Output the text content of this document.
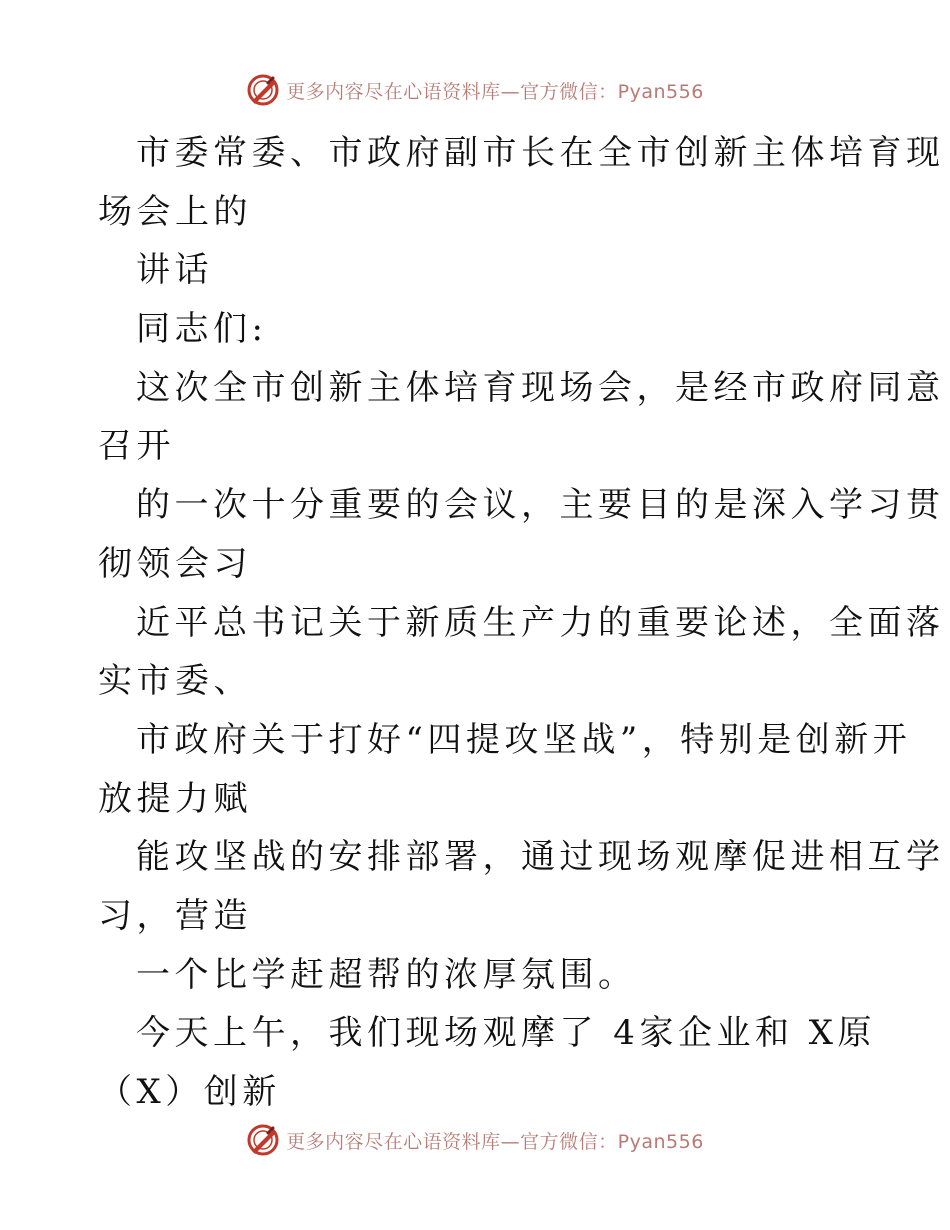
更多内容尽在心语资料库—官方微信：Pyan556
市委常委、市政府副市长在全市创新主体培育现
场会上的
讲话
同志们:
这次全市创新主体培育现场会，是经市政府同意
召开
的一次十分重要的会议，主要目的是深入学习贯
彻领会习
近平总书记关于新质生产力的重要论述，全面落
实市委、
市政府关于打好“四提攻坚战”，特别是创新开
放提力赋
能攻坚战的安排部署，通过现场观摩促进相互学
习，营造
一个比学赶超帮的浓厚氛围。
今天上午，我们现场观摩了 4家企业和 X原
（X）创新
更多内容尽在心语资料库—官方微信：Pyan556
